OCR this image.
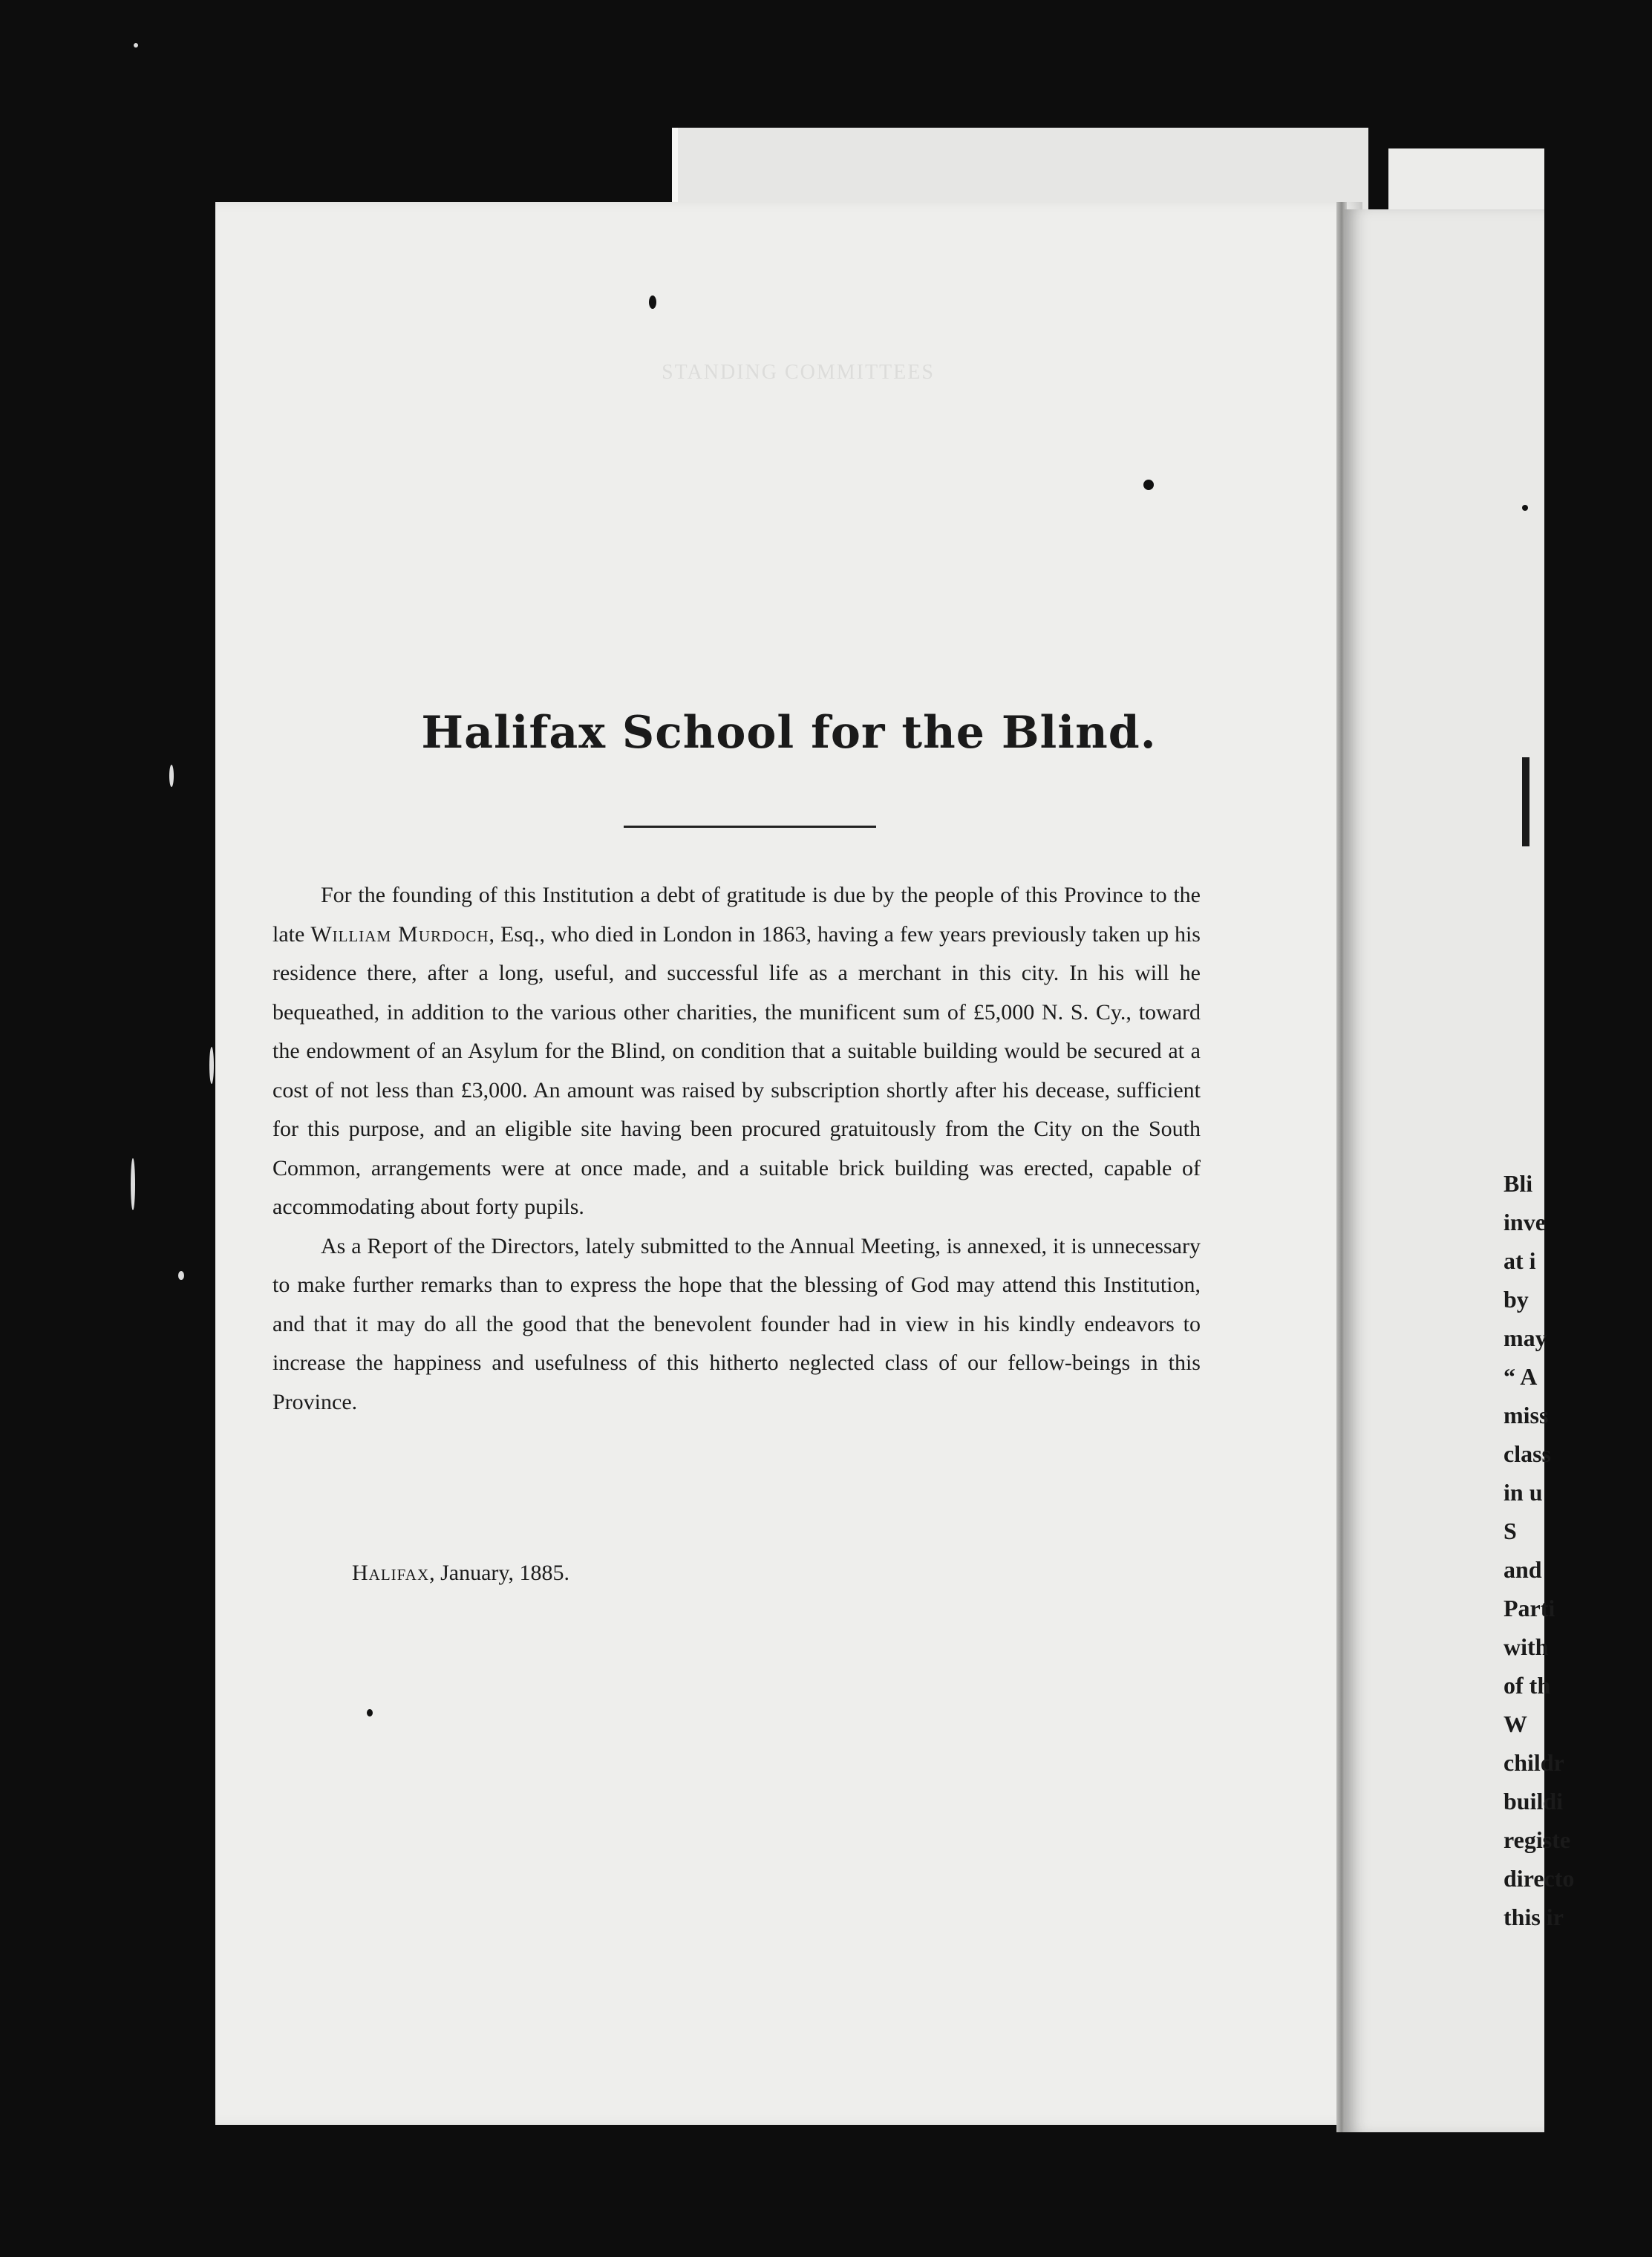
STANDING COMMITTEES
Halifax School for the Blind.

For the founding of this Institution a debt of gratitude is due by the people of this Province to the late William Murdoch, Esq., who died in London in 1863, having a few years previously taken up his residence there, after a long, useful, and successful life as a merchant in this city. In his will he bequeathed, in addition to the various other charities, the munificent sum of £5,000 N. S. Cy., toward the endowment of an Asylum for the Blind, on condition that a suitable building would be secured at a cost of not less than £3,000. An amount was raised by subscription shortly after his decease, sufficient for this purpose, and an eligible site having been procured gratuitously from the City on the South Common, arrangements were at once made, and a suitable brick building was erected, capable of accommodating about forty pupils.

As a Report of the Directors, lately submitted to the Annual Meeting, is annexed, it is unnecessary to make further remarks than to express the hope that the blessing of God may attend this Institution, and that it may do all the good that the benevolent founder had in view in his kindly endeavors to increase the happiness and usefulness of this hitherto neglected class of our fellow-beings in this Province.

Halifax, January, 1885.
Bli
inve
at i
by
may
“ A
miss
class
in u
S
and
Parti
with
of th
W
childr
buildi
registe
directo
this ir
